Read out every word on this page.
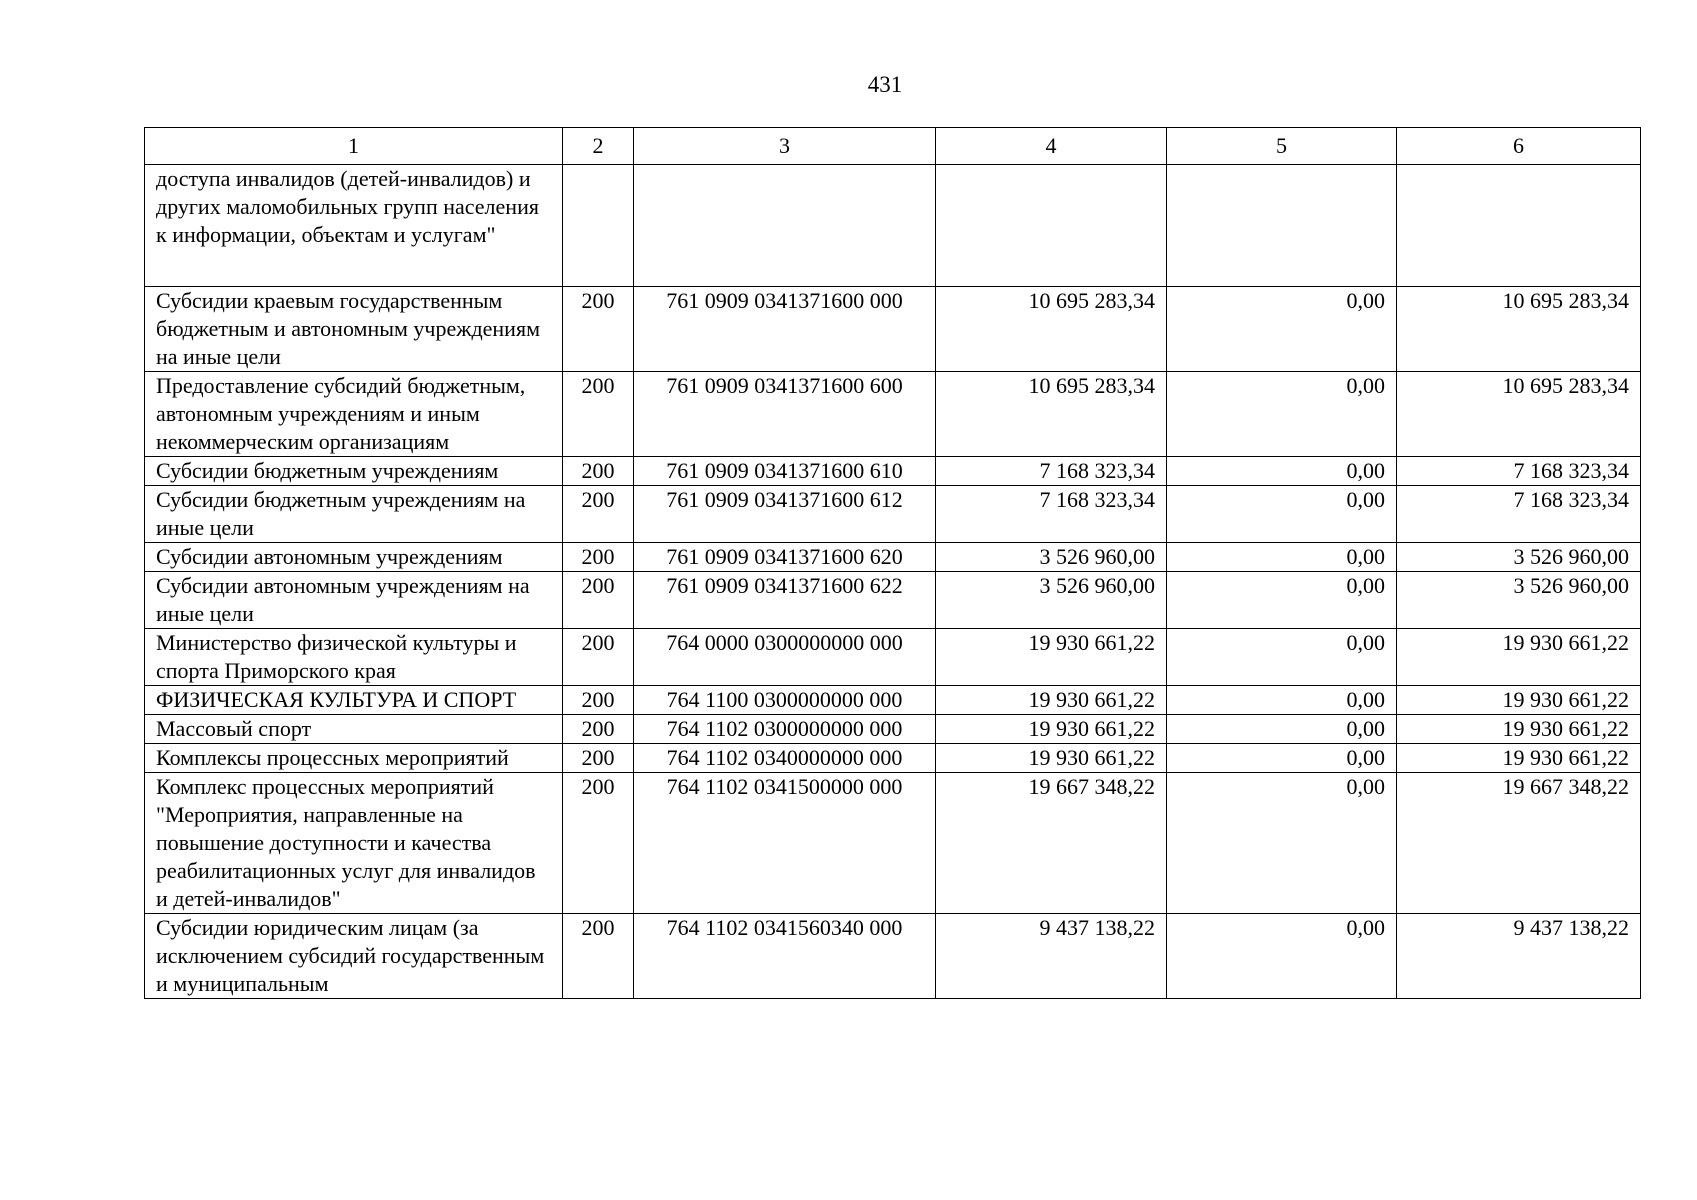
431
1	2	3	4	5	6
доступа инвалидов (детей-инвалидов) и других маломобильных групп населения к информации, объектам и услугам"					
Субсидии краевым государственным бюджетным и автономным учреждениям на иные цели	200	761 0909 0341371600 000	10 695 283,34	0,00	10 695 283,34
Предоставление субсидий бюджетным, автономным учреждениям и иным некоммерческим организациям	200	761 0909 0341371600 600	10 695 283,34	0,00	10 695 283,34
Субсидии бюджетным учреждениям	200	761 0909 0341371600 610	7 168 323,34	0,00	7 168 323,34
Субсидии бюджетным учреждениям на иные цели	200	761 0909 0341371600 612	7 168 323,34	0,00	7 168 323,34
Субсидии автономным учреждениям	200	761 0909 0341371600 620	3 526 960,00	0,00	3 526 960,00
Субсидии автономным учреждениям на иные цели	200	761 0909 0341371600 622	3 526 960,00	0,00	3 526 960,00
Министерство физической культуры и спорта Приморского края	200	764 0000 0300000000 000	19 930 661,22	0,00	19 930 661,22
ФИЗИЧЕСКАЯ КУЛЬТУРА И СПОРТ	200	764 1100 0300000000 000	19 930 661,22	0,00	19 930 661,22
Массовый спорт	200	764 1102 0300000000 000	19 930 661,22	0,00	19 930 661,22
Комплексы процессных мероприятий	200	764 1102 0340000000 000	19 930 661,22	0,00	19 930 661,22
Комплекс процессных мероприятий "Мероприятия, направленные на повышение доступности и качества реабилитационных услуг для инвалидов и детей-инвалидов"	200	764 1102 0341500000 000	19 667 348,22	0,00	19 667 348,22
Субсидии юридическим лицам (за исключением субсидий государственным и муниципальным	200	764 1102 0341560340 000	9 437 138,22	0,00	9 437 138,22
